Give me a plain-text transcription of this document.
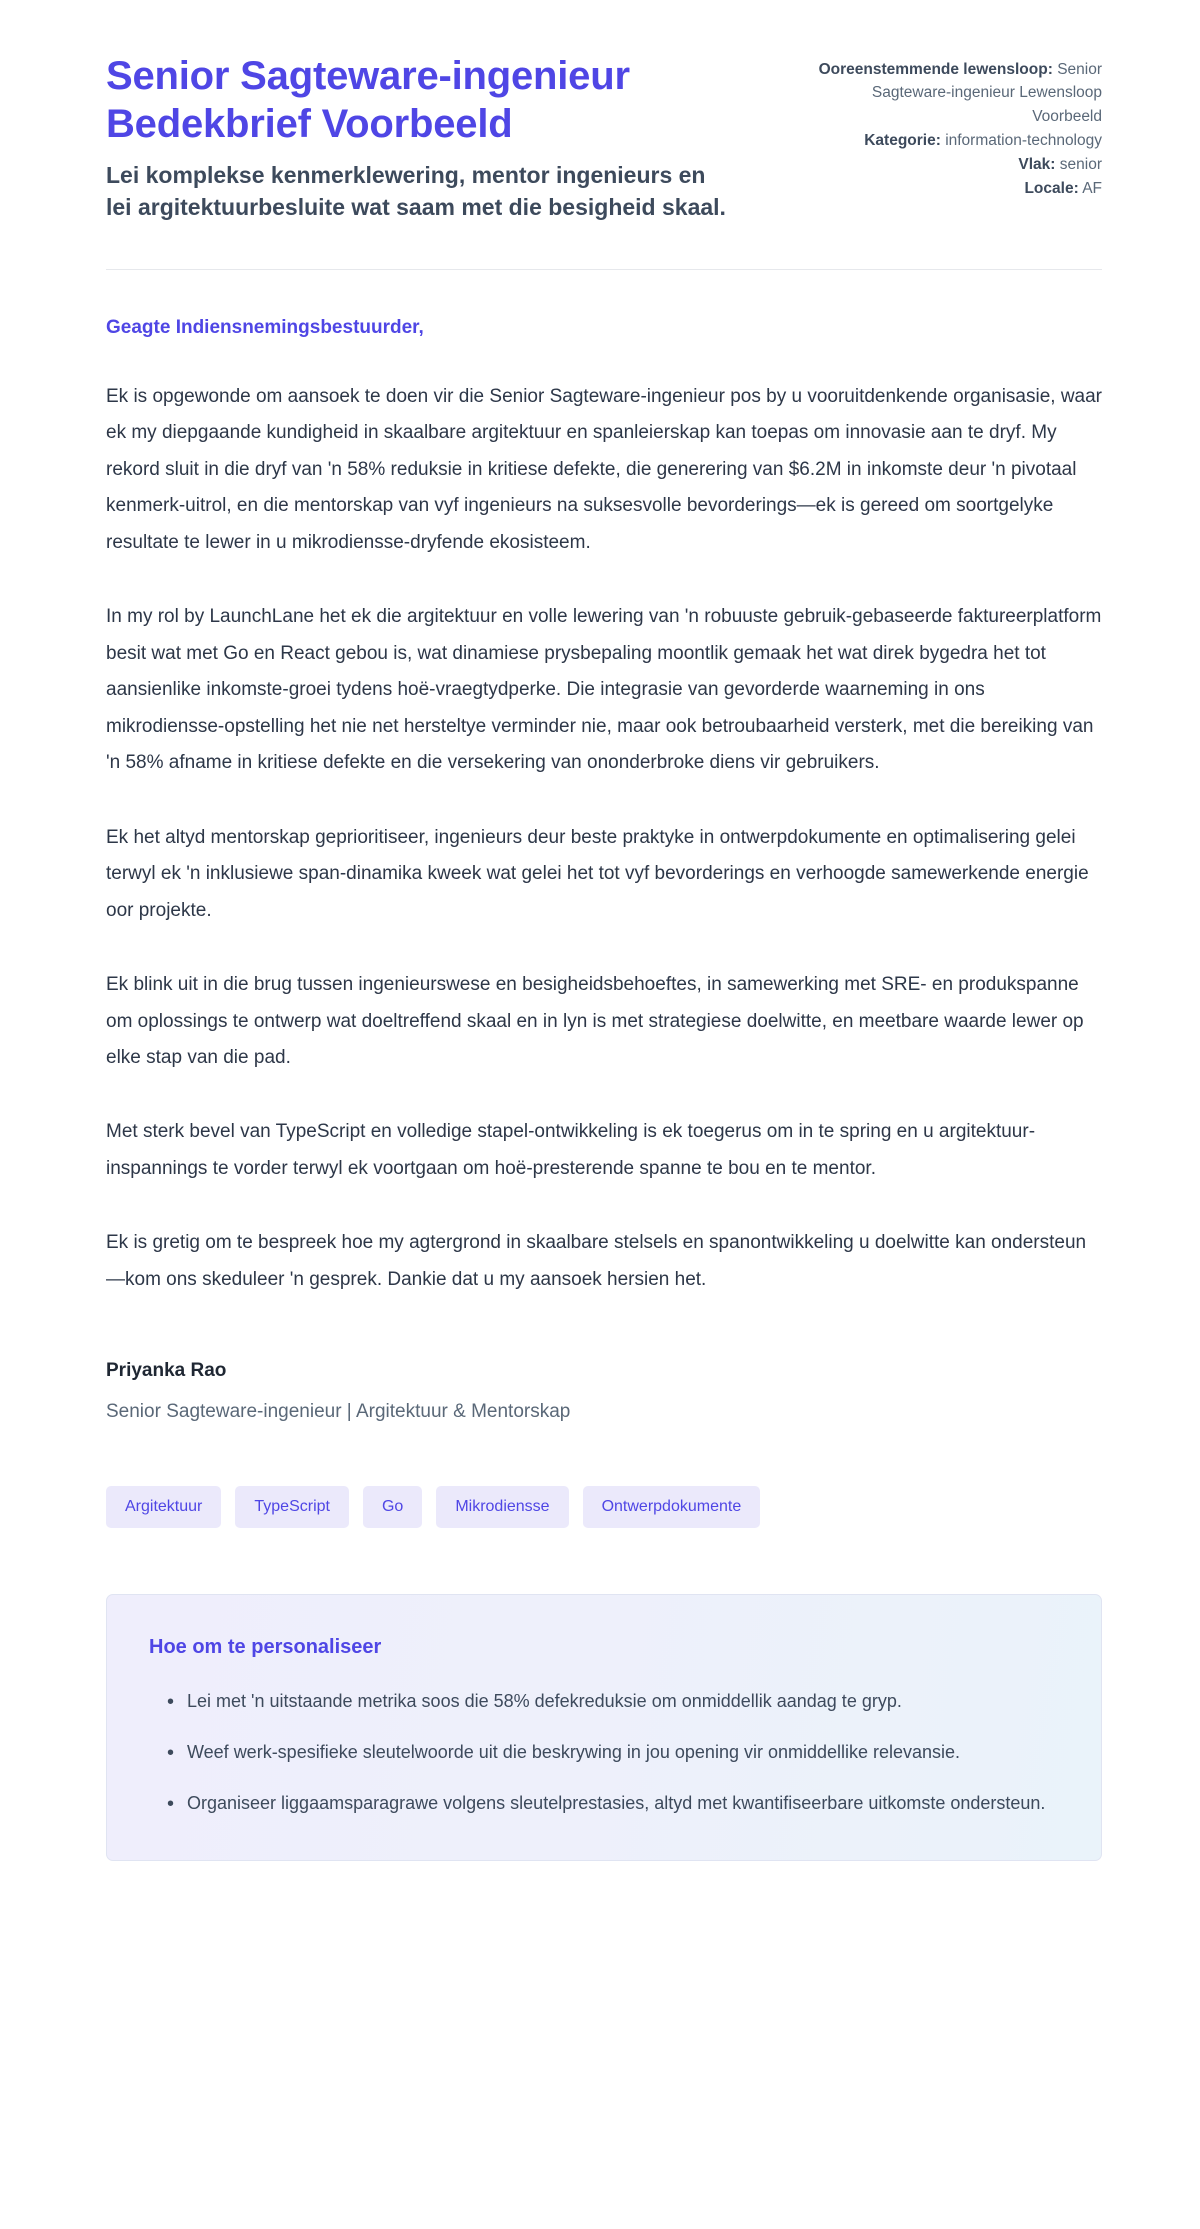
Senior Sagteware-ingenieur Bedekbrief Voorbeeld

Lei komplekse kenmerklewering, mentor ingenieurs en lei argitektuurbesluite wat saam met die besigheid skaal.

Ooreenstemmende lewensloop: Senior Sagteware-ingenieur Lewensloop Voorbeeld
Kategorie: information-technology
Vlak: senior
Locale: AF

Geagte Indiensnemingsbestuurder,

Ek is opgewonde om aansoek te doen vir die Senior Sagteware-ingenieur pos by u vooruitdenkende organisasie, waar ek my diepgaande kundigheid in skaalbare argitektuur en spanleierskap kan toepas om innovasie aan te dryf. My rekord sluit in die dryf van 'n 58% reduksie in kritiese defekte, die generering van $6.2M in inkomste deur 'n pivotaal kenmerk-uitrol, en die mentorskap van vyf ingenieurs na suksesvolle bevorderings—ek is gereed om soortgelyke resultate te lewer in u mikrodiensse-dryfende ekosisteem.

In my rol by LaunchLane het ek die argitektuur en volle lewering van 'n robuuste gebruik-gebaseerde faktureerplatform besit wat met Go en React gebou is, wat dinamiese prysbepaling moontlik gemaak het wat direk bygedra het tot aansienlike inkomste-groei tydens hoë-vraegtydperke. Die integrasie van gevorderde waarneming in ons mikrodiensse-opstelling het nie net hersteltye verminder nie, maar ook betroubaarheid versterk, met die bereiking van 'n 58% afname in kritiese defekte en die versekering van ononderbroke diens vir gebruikers.

Ek het altyd mentorskap geprioritiseer, ingenieurs deur beste praktyke in ontwerpdokumente en optimalisering gelei terwyl ek 'n inklusiewe span-dinamika kweek wat gelei het tot vyf bevorderings en verhoogde samewerkende energie oor projekte.

Ek blink uit in die brug tussen ingenieurswese en besigheidsbehoeftes, in samewerking met SRE- en produkspanne om oplossings te ontwerp wat doeltreffend skaal en in lyn is met strategiese doelwitte, en meetbare waarde lewer op elke stap van die pad.

Met sterk bevel van TypeScript en volledige stapel-ontwikkeling is ek toegerus om in te spring en u argitektuur-inspannings te vorder terwyl ek voortgaan om hoë-presterende spanne te bou en te mentor.

Ek is gretig om te bespreek hoe my agtergrond in skaalbare stelsels en spanontwikkeling u doelwitte kan ondersteun—kom ons skeduleer 'n gesprek. Dankie dat u my aansoek hersien het.

Priyanka Rao

Senior Sagteware-ingenieur | Argitektuur & Mentorskap

Argitektuur	TypeScript	Go	Mikrodiensse	Ontwerpdokumente
Hoe om te personaliseer
• Lei met 'n uitstaande metrika soos die 58% defekreduksie om onmiddellik aandag te gryp.
• Weef werk-spesifieke sleutelwoorde uit die beskrywing in jou opening vir onmiddellike relevansie.
• Organiseer liggaamsparagrawe volgens sleutelprestasies, altyd met kwantifiseerbare uitkomste ondersteun.
